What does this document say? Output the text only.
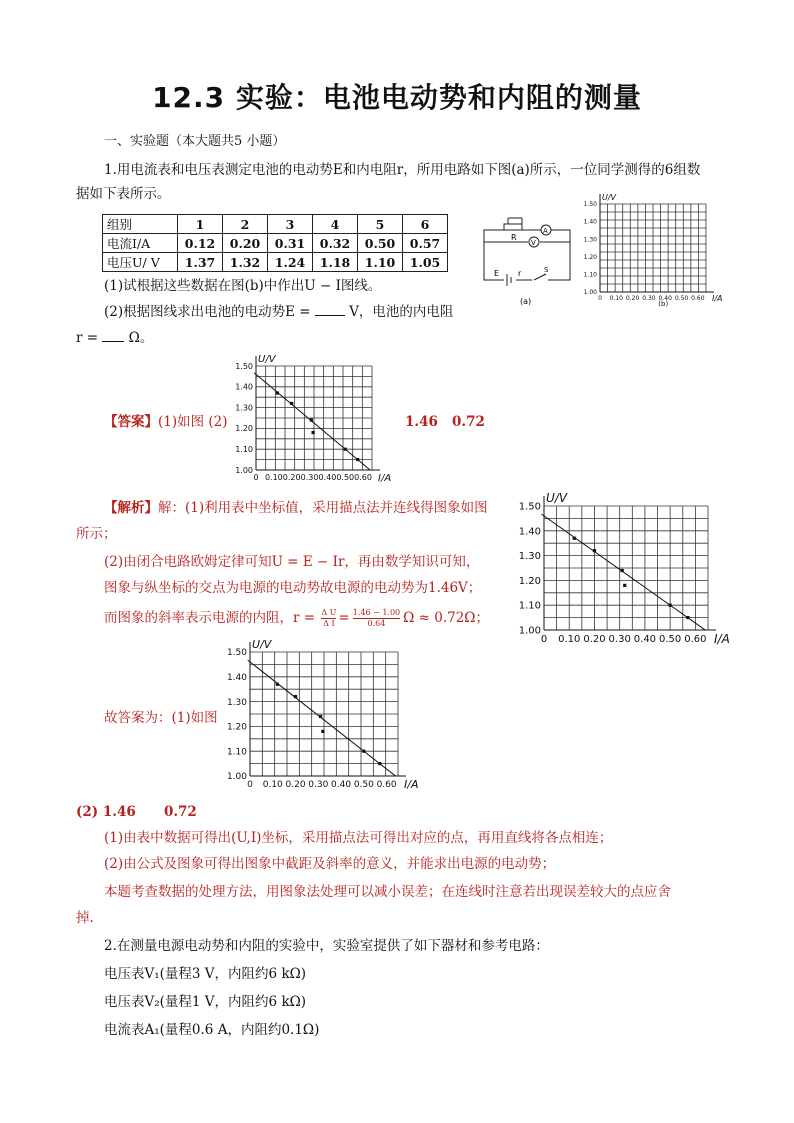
12.3 实验：电池电动势和内阻的测量
一、实验题（本大题共5 小题）
1.用电流表和电压表测定电池的电动势E和内电阻r，所用电路如下图(a)所示，一位同学测得的6组数
据如下表所示。
组别	1	2	3	4	5	6
电流I/A	0.12	0.20	0.31	0.32	0.50	0.57
电压U/ V	1.37	1.32	1.24	1.18	1.10	1.05
R
A
V
E r	S
(a)	0 0.10 0.20 0.30 0.40 0.50 0.60
1.00
1.10
1.20
1.30
1.40
1.50
I/A
U/V
(b)
(1)试根据这些数据在图(b)中作出U − I图线。
(2)根据图线求出电池的电动势E =	V，电池的内电阻
r = Ω。
0 0.10 0.20 0.30 0.40 0.50 0.60
1.00
1.10
1.20
1.30
1.40
1.50
I/A
U/V
【答案】(1)如图 (2)	1.46   0.72
【解析】解：(1)利用表中坐标值，采用描点法并连线得图象如图
所示；
(2)由闭合电路欧姆定律可知U = E − Ir，再由数学知识可知，
图象与纵坐标的交点为电源的电动势故电源的电动势为1.46V；
而图象的斜率表示电源的内阻，$r = \frac{\text{Δ U}}{\text{Δ I}} = \frac{1.46 - 1.00}{0.64}$ Ω ≈ 0.72Ω；
0 0.10 0.20 0.30 0.40 0.50 0.60
1.00
1.10
1.20
1.30
1.40
1.50
I/A
U/V
0 0.10 0.20 0.30 0.40 0.50 0.60
1.00
1.10
1.20
1.30
1.40
1.50
I/A
U/V
故答案为：(1)如图
(2) 1.46      0.72
(1)由表中数据可得出(U,I)坐标，采用描点法可得出对应的点，再用直线将各点相连；
(2)由公式及图象可得出图象中截距及斜率的意义，并能求出电源的电动势；
本题考查数据的处理方法，用图象法处理可以减小误差；在连线时注意若出现误差较大的点应舍
掉.
2.在测量电源电动势和内阻的实验中，实验室提供了如下器材和参考电路：
电压表V₁(量程3 V，内阻约6 kΩ)
电压表V₂(量程1 V，内阻约6 kΩ)
电流表A₁(量程0.6 A，内阻约0.1Ω)
